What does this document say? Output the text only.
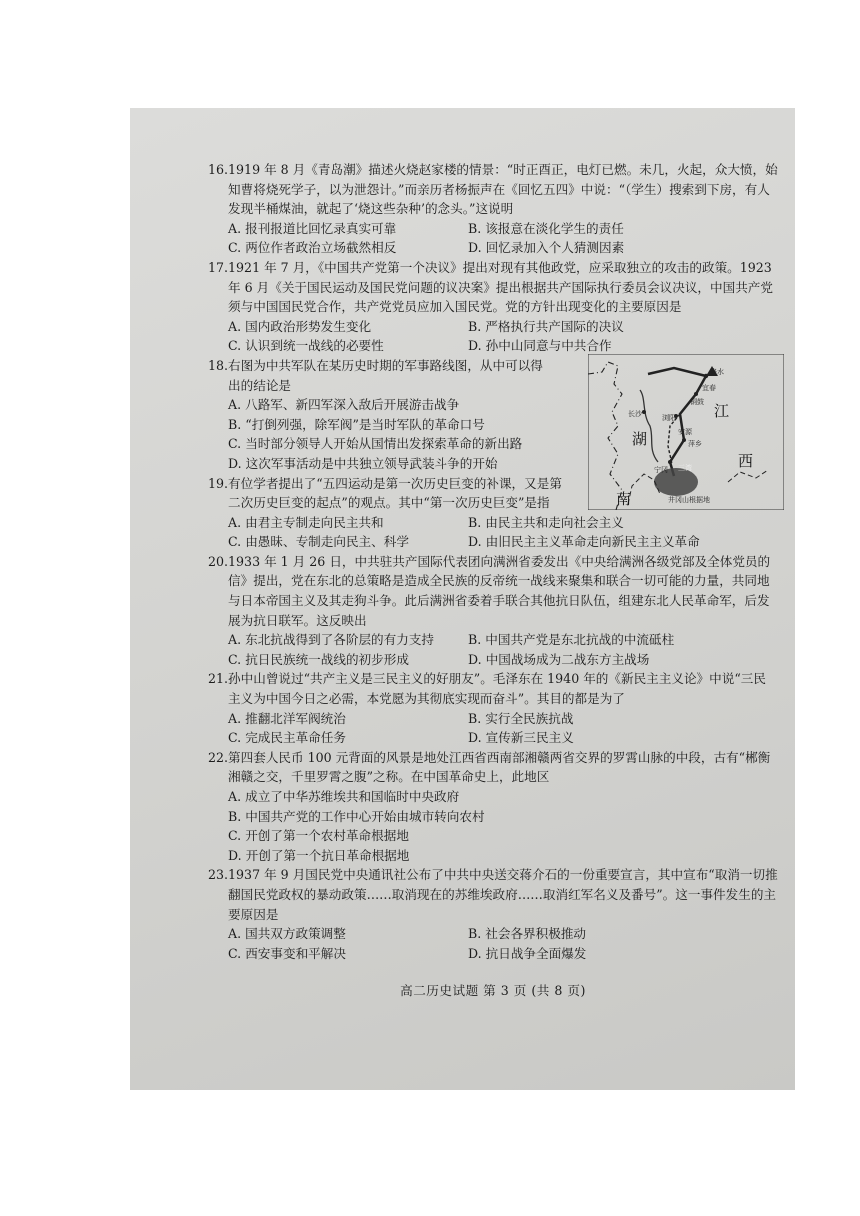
16. 1919 年 8 月《青岛潮》描述火烧赵家楼的情景：“时正酉正，电灯已燃。未几，火起，众大愤，始知曹将烧死学子，以为泄怨计。”而亲历者杨振声在《回忆五四》中说：“（学生）搜索到下房，有人发现半桶煤油，就起了‘烧这些杂种’的念头。”这说明
A. 报刊报道比回忆录真实可靠	B. 该报意在淡化学生的责任
C. 两位作者政治立场截然相反	D. 回忆录加入个人猜测因素
17. 1921 年 7 月，《中国共产党第一个决议》提出对现有其他政党，应采取独立的攻击的政策。1923 年 6 月《关于国民运动及国民党问题的议决案》提出根据共产国际执行委员会议决议，中国共产党须与中国国民党合作，共产党党员应加入国民党。党的方针出现变化的主要原因是
A. 国内政治形势发生变化	B. 严格执行共产国际的决议
C. 认识到统一战线的必要性	D. 孙中山同意与中共合作
18. 右图为中共军队在某历史时期的军事路线图，从中可以得出的结论是
A. 八路军、新四军深入敌后开展游击战争
B. “打倒列强，除军阀”是当时军队的革命口号
C. 当时部分领导人开始从国情出发探索革命的新出路
D. 这次军事活动是中共独立领导武装斗争的开始
江
湖
南
西
长沙
修水
浏阳
萍乡
安源
铜鼓
宜春
宁冈 三湾
井冈山根据地
19. 有位学者提出了“五四运动是第一次历史巨变的补课，又是第二次历史巨变的起点”的观点。其中“第一次历史巨变”是指
A. 由君主专制走向民主共和	B. 由民主共和走向社会主义
C. 由愚昧、专制走向民主、科学	D. 由旧民主主义革命走向新民主主义革命
20. 1933 年 1 月 26 日，中共驻共产国际代表团向满洲省委发出《中央给满洲各级党部及全体党员的信》提出，党在东北的总策略是造成全民族的反帝统一战线来聚集和联合一切可能的力量，共同地与日本帝国主义及其走狗斗争。此后满洲省委着手联合其他抗日队伍，组建东北人民革命军，后发展为抗日联军。这反映出
A. 东北抗战得到了各阶层的有力支持	B. 中国共产党是东北抗战的中流砥柱
C. 抗日民族统一战线的初步形成	D. 中国战场成为二战东方主战场
21. 孙中山曾说过“共产主义是三民主义的好朋友”。毛泽东在 1940 年的《新民主主义论》中说“三民主义为中国今日之必需，本党愿为其彻底实现而奋斗”。其目的都是为了
A. 推翻北洋军阀统治	B. 实行全民族抗战
C. 完成民主革命任务	D. 宣传新三民主义
22. 第四套人民币 100 元背面的风景是地处江西省西南部湘赣两省交界的罗霄山脉的中段，古有“郴衡湘赣之交，千里罗霄之腹”之称。在中国革命史上，此地区
A. 成立了中华苏维埃共和国临时中央政府
B. 中国共产党的工作中心开始由城市转向农村
C. 开创了第一个农村革命根据地
D. 开创了第一个抗日革命根据地
23. 1937 年 9 月国民党中央通讯社公布了中共中央送交蒋介石的一份重要宣言，其中宣布“取消一切推翻国民党政权的暴动政策……取消现在的苏维埃政府……取消红军名义及番号”。这一事件发生的主要原因是
A. 国共双方政策调整	B. 社会各界积极推动
C. 西安事变和平解决	D. 抗日战争全面爆发
高二历史试题 第 3 页 (共 8 页)
